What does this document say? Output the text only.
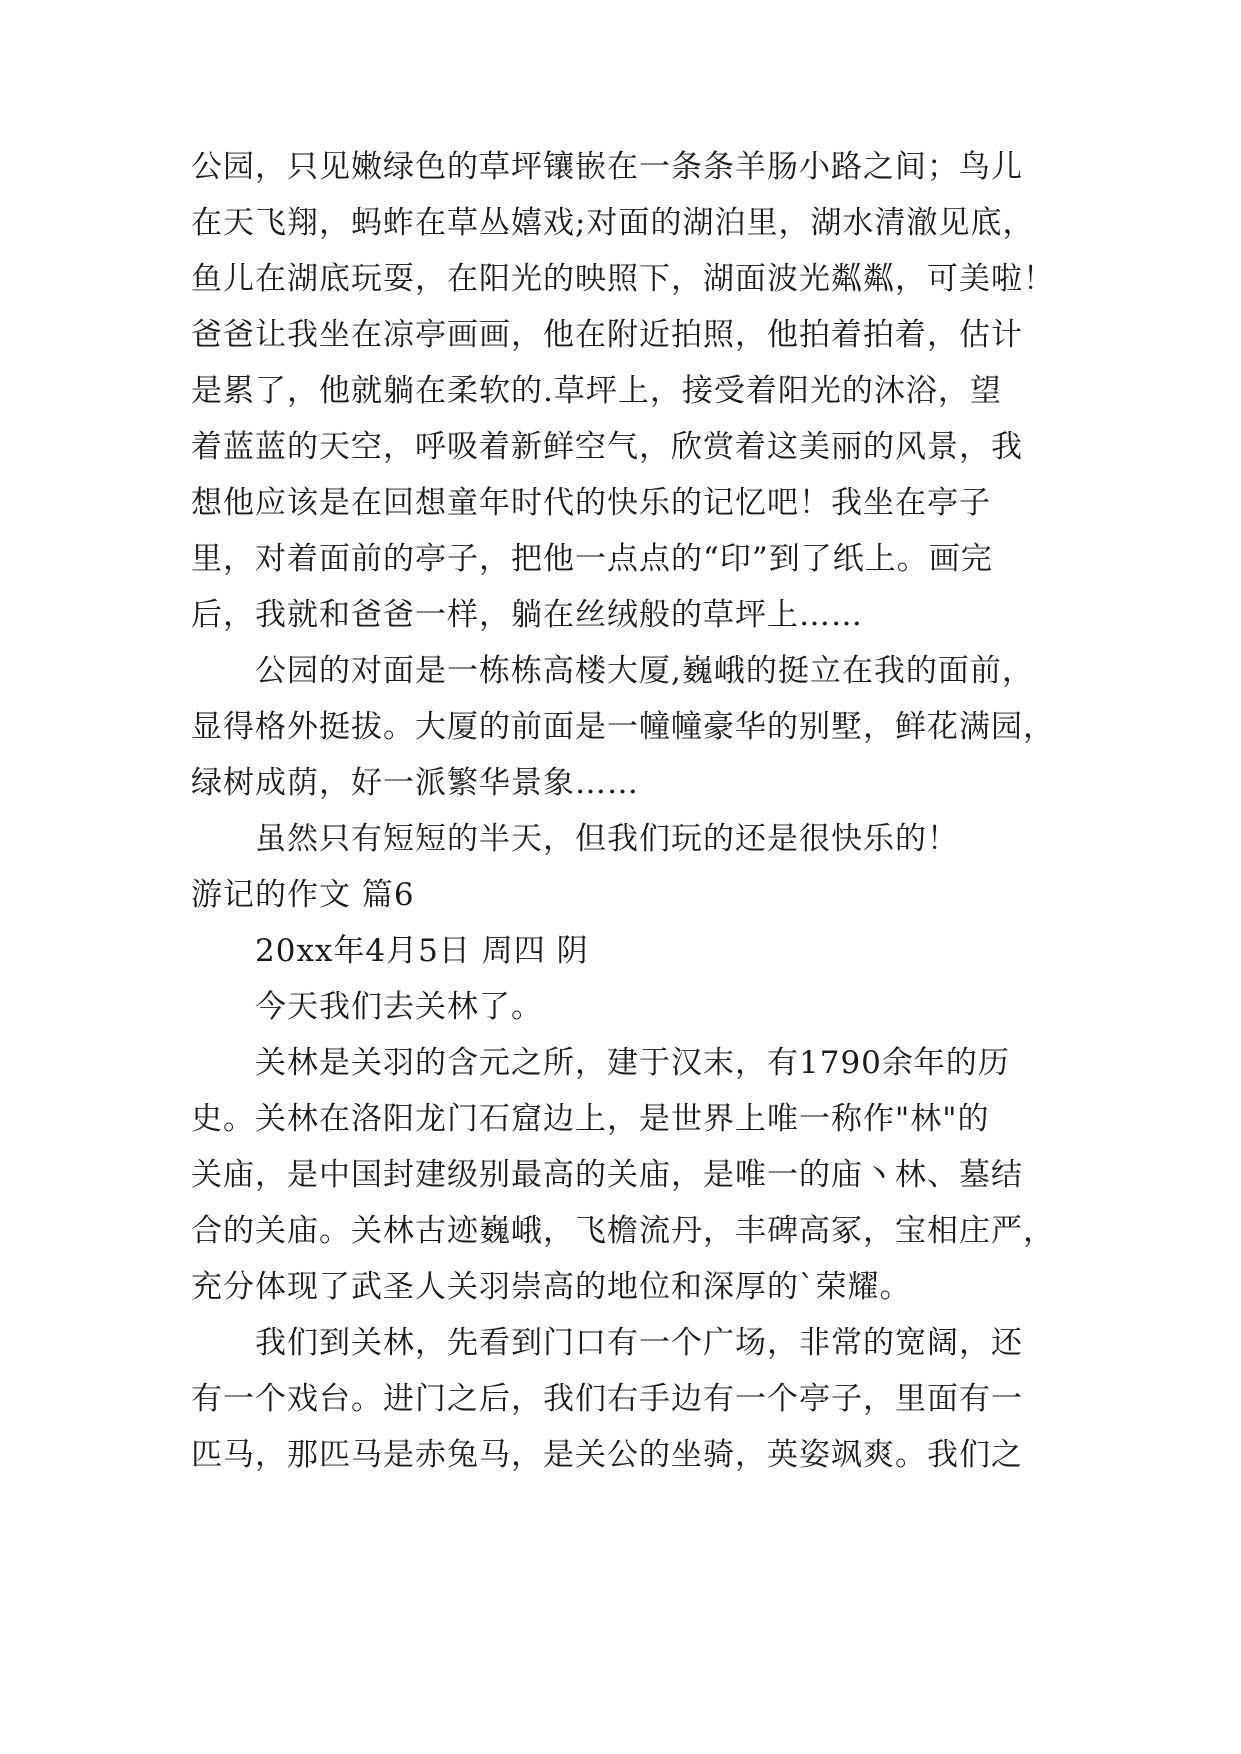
公园，只见嫩绿色的草坪镶嵌在一条条羊肠小路之间；鸟儿
在天飞翔，蚂蚱在草丛嬉戏;对面的湖泊里，湖水清澈见底，
鱼儿在湖底玩耍，在阳光的映照下，湖面波光粼粼，可美啦！
爸爸让我坐在凉亭画画，他在附近拍照，他拍着拍着，估计
是累了，他就躺在柔软的.草坪上，接受着阳光的沐浴，望
着蓝蓝的天空，呼吸着新鲜空气，欣赏着这美丽的风景，我
想他应该是在回想童年时代的快乐的记忆吧！我坐在亭子
里，对着面前的亭子，把他一点点的“印”到了纸上。画完
后，我就和爸爸一样，躺在丝绒般的草坪上……
公园的对面是一栋栋高楼大厦,巍峨的挺立在我的面前，
显得格外挺拔。大厦的前面是一幢幢豪华的别墅，鲜花满园，
绿树成荫，好一派繁华景象……
虽然只有短短的半天，但我们玩的还是很快乐的！
游记的作文 篇6
20xx年4月5日 周四 阴
今天我们去关林了。
关林是关羽的含元之所，建于汉末，有1790余年的历
史。关林在洛阳龙门石窟边上，是世界上唯一称作"林"的
关庙，是中国封建级别最高的关庙，是唯一的庙丶林、墓结
合的关庙。关林古迹巍峨，飞檐流丹，丰碑高冢，宝相庄严，
充分体现了武圣人关羽崇高的地位和深厚的`荣耀。
我们到关林，先看到门口有一个广场，非常的宽阔，还
有一个戏台。进门之后，我们右手边有一个亭子，里面有一
匹马，那匹马是赤兔马，是关公的坐骑，英姿飒爽。我们之
